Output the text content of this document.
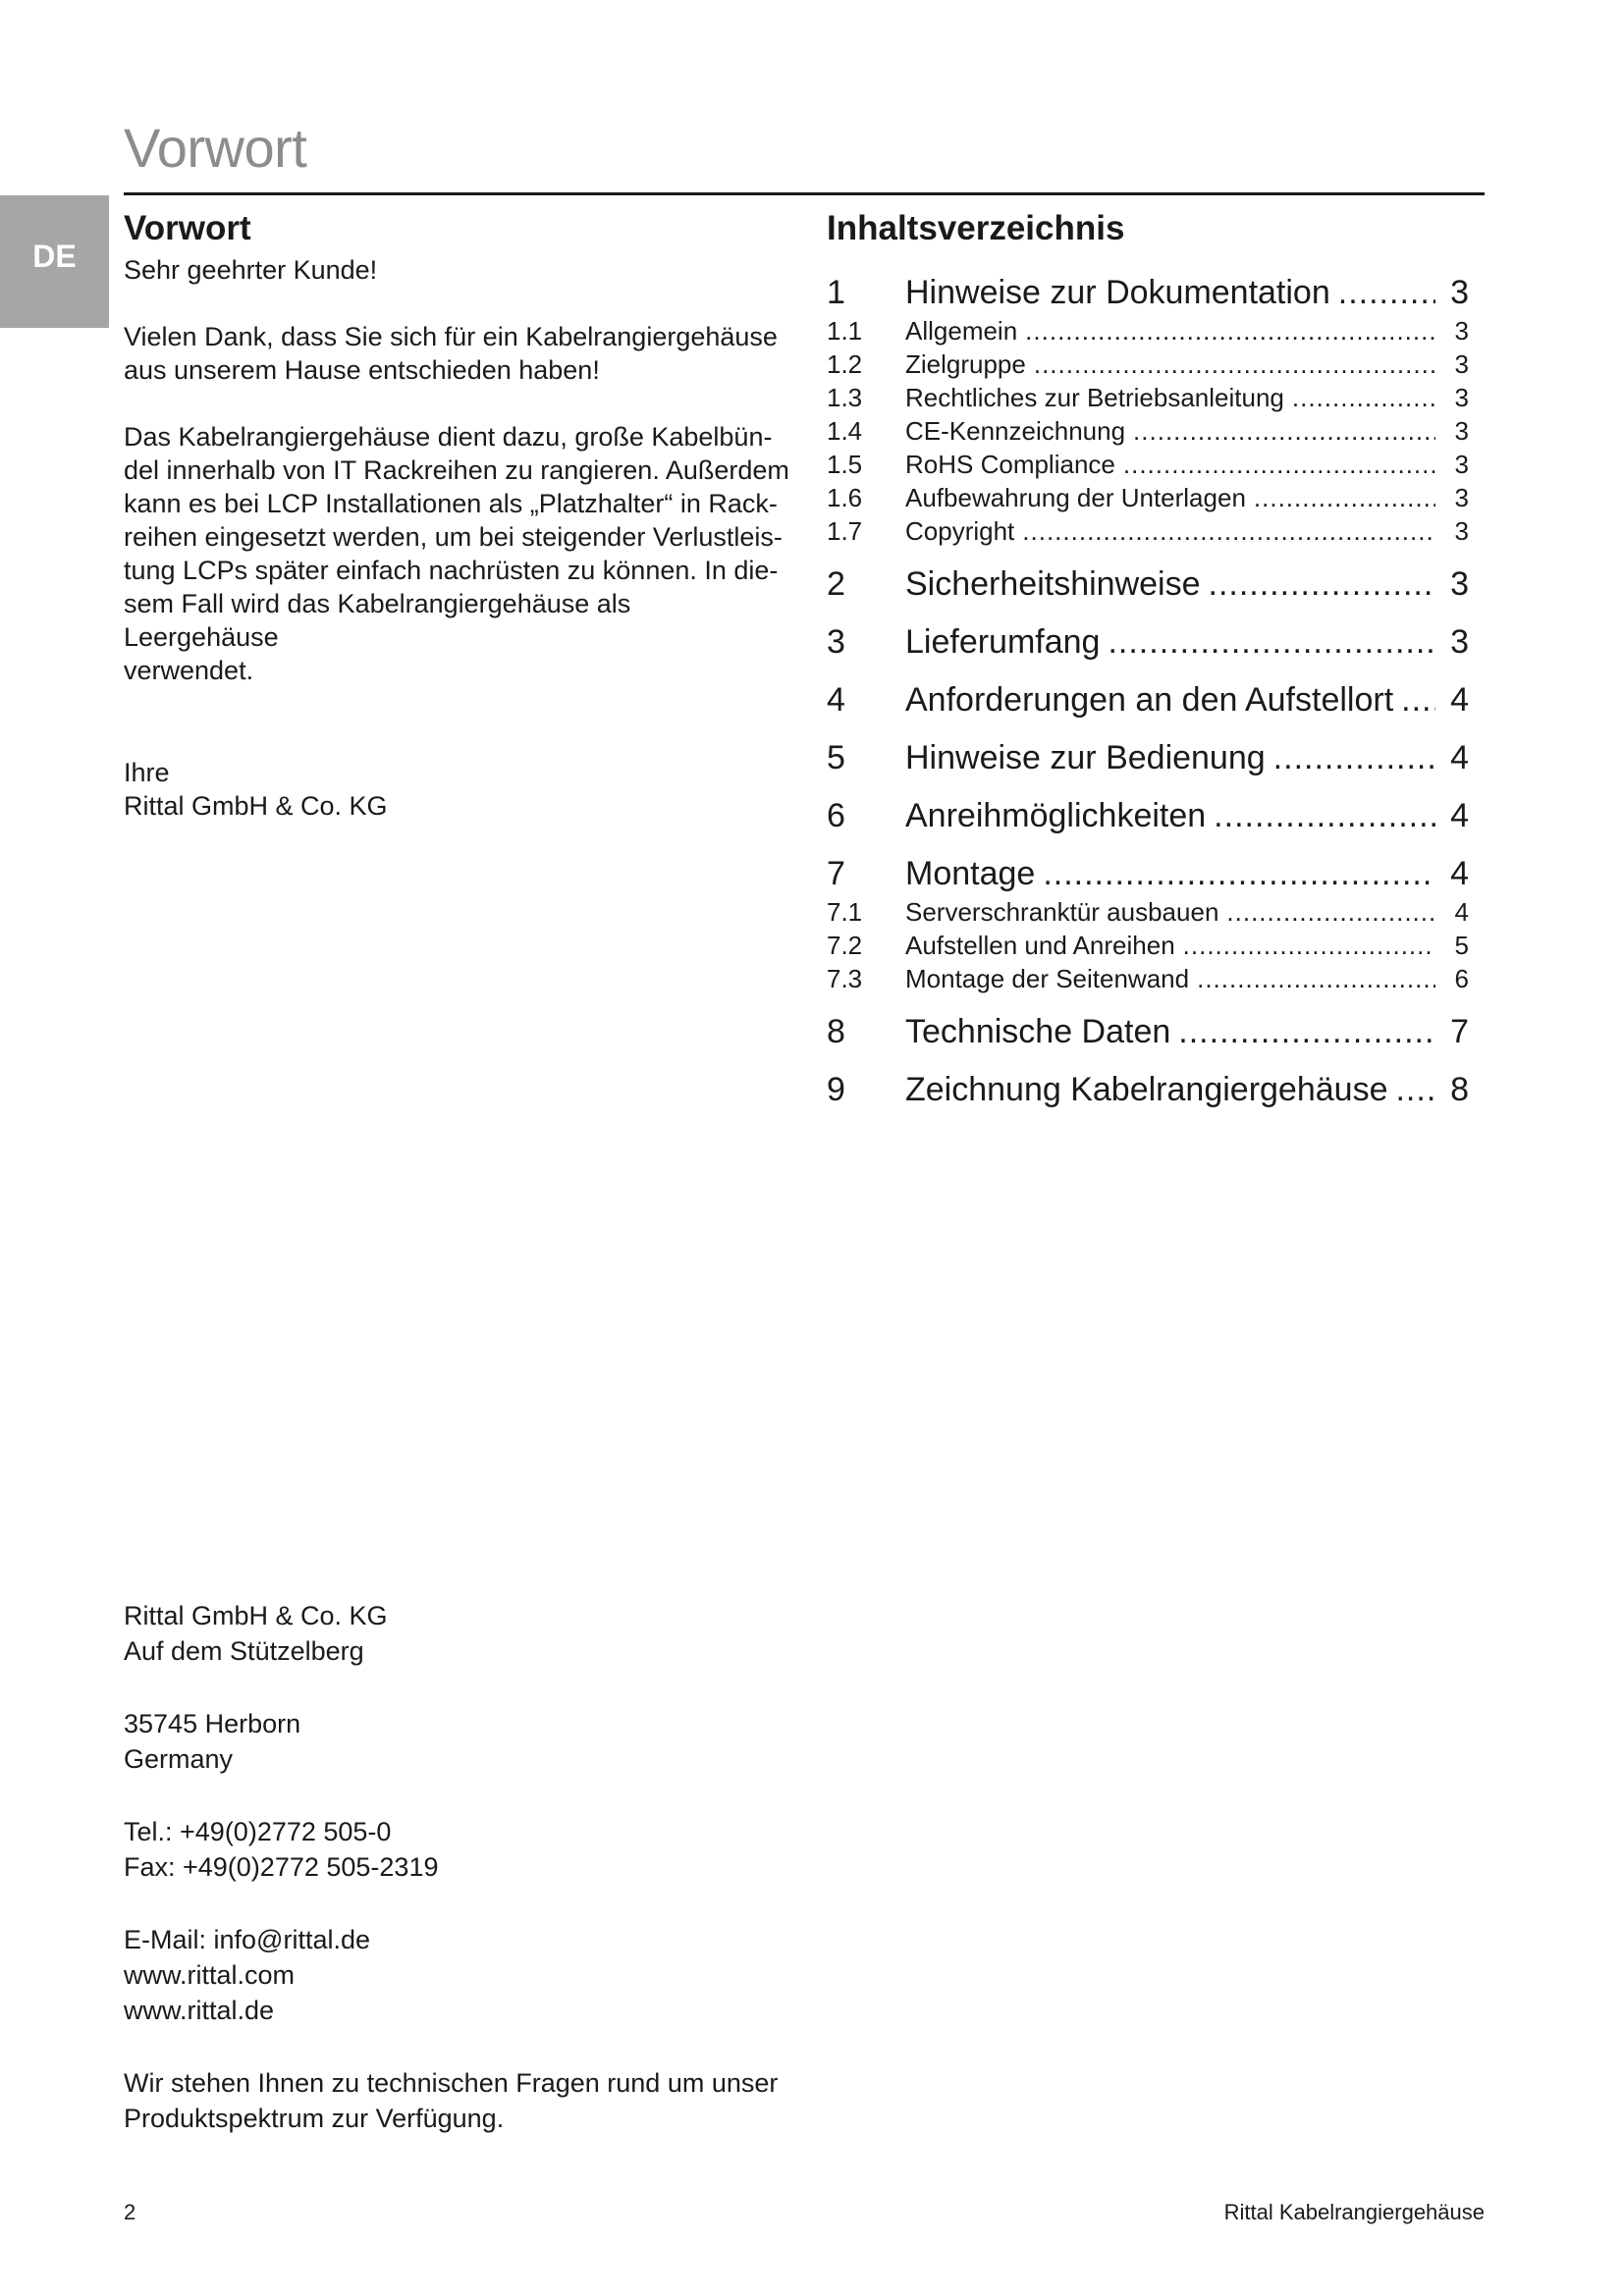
Vorwort
DE
Vorwort
Sehr geehrter Kunde!
Vielen Dank, dass Sie sich für ein Kabelrangiergehäuse
aus unserem Hause entschieden haben!
Das Kabelrangiergehäuse dient dazu, große Kabelbün-
del innerhalb von IT Rackreihen zu rangieren. Außerdem
kann es bei LCP Installationen als „Platzhalter“ in Rack-
reihen eingesetzt werden, um bei steigender Verlustleis-
tung LCPs später einfach nachrüsten zu können. In die-
sem Fall wird das Kabelrangiergehäuse als Leergehäuse
verwendet.
Ihre
Rittal GmbH & Co. KG
Inhaltsverzeichnis
1	Hinweise zur Dokumentation .....	3
1.1	Allgemein .....	3
1.2	Zielgruppe .....	3
1.3	Rechtliches zur Betriebsanleitung .....	3
1.4	CE-Kennzeichnung .....	3
1.5	RoHS Compliance .....	3
1.6	Aufbewahrung der Unterlagen .....	3
1.7	Copyright .....	3
2	Sicherheitshinweise .....	3
3	Lieferumfang .....	3
4	Anforderungen an den Aufstellort ..... 4
5	Hinweise zur Bedienung .....	4
6	Anreihmöglichkeiten .....	4
7	Montage .....	4
7.1	Serverschranktür ausbauen .....	4
7.2	Aufstellen und Anreihen .....	5
7.3	Montage der Seitenwand .....	6
8	Technische Daten .....	7
9	Zeichnung Kabelrangiergehäuse ..... 8
Rittal GmbH & Co. KG
Auf dem Stützelberg
35745 Herborn
Germany
Tel.: +49(0)2772 505-0
Fax: +49(0)2772 505-2319
E-Mail: info@rittal.de
www.rittal.com
www.rittal.de
Wir stehen Ihnen zu technischen Fragen rund um unser
Produktspektrum zur Verfügung.
2	Rittal Kabelrangiergehäuse
